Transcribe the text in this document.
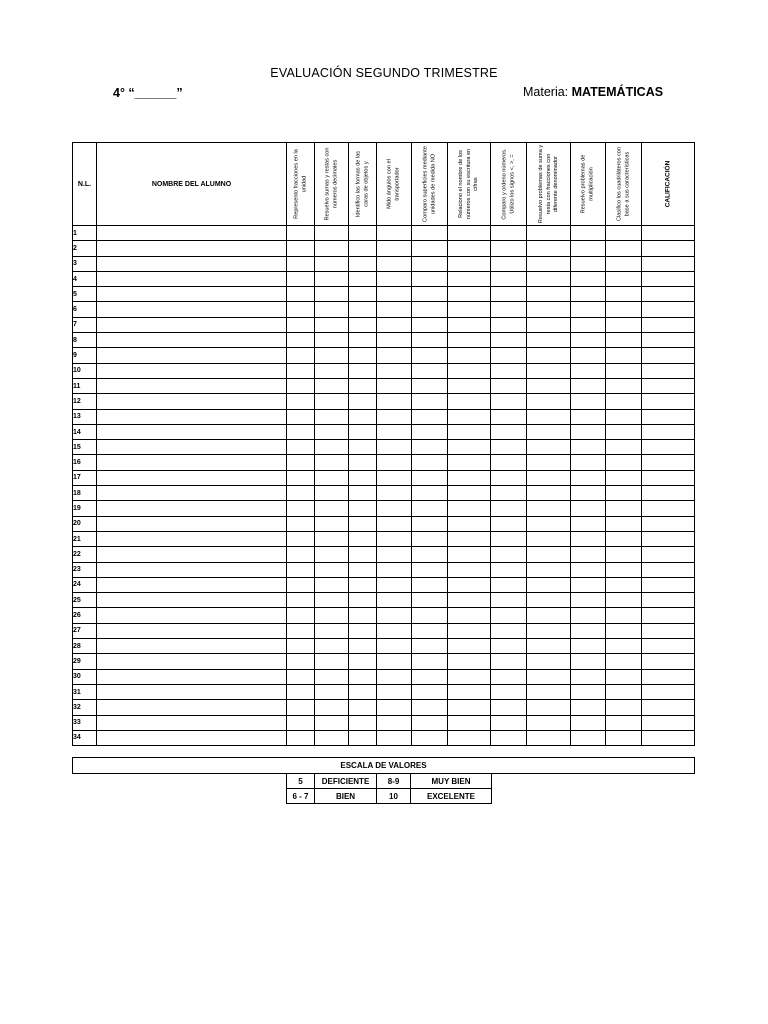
EVALUACIÓN SEGUNDO TRIMESTRE
4° “______”	Materia: MATEMÁTICAS
N.L.	NOMBRE DEL ALUMNO	Represento fracciones en la unidad	Resuelvo sumas y restas con números decimales	Identifico las formas de las caras de objetos y	Mido ángulos con el transportador	Comparo superficies mediante unidades de medida NO	Relaciono el nombre de los números con su escritura en cifras	Comparo y ordeno números. Utilizo los signos <, >, =	Resuelvo problemas de suma y resta con fracciones con diferente denominador	Resuelvo problemas de multiplicación	Clasifico los cuadriláteros con base a sus características	CALIFICACIÓN

1												
2												
3												
4												
5												
6												
7												
8												
9												
10												
11												
12												
13												
14												
15												
16												
17												
18												
19												
20												
21												
22												
23												
24												
25												
26												
27												
28												
29												
30												
31												
32												
33												
34												
ESCALA DE VALORES
5	DEFICIENTE	8-9	MUY BIEN
6 - 7	BIEN	10	EXCELENTE
